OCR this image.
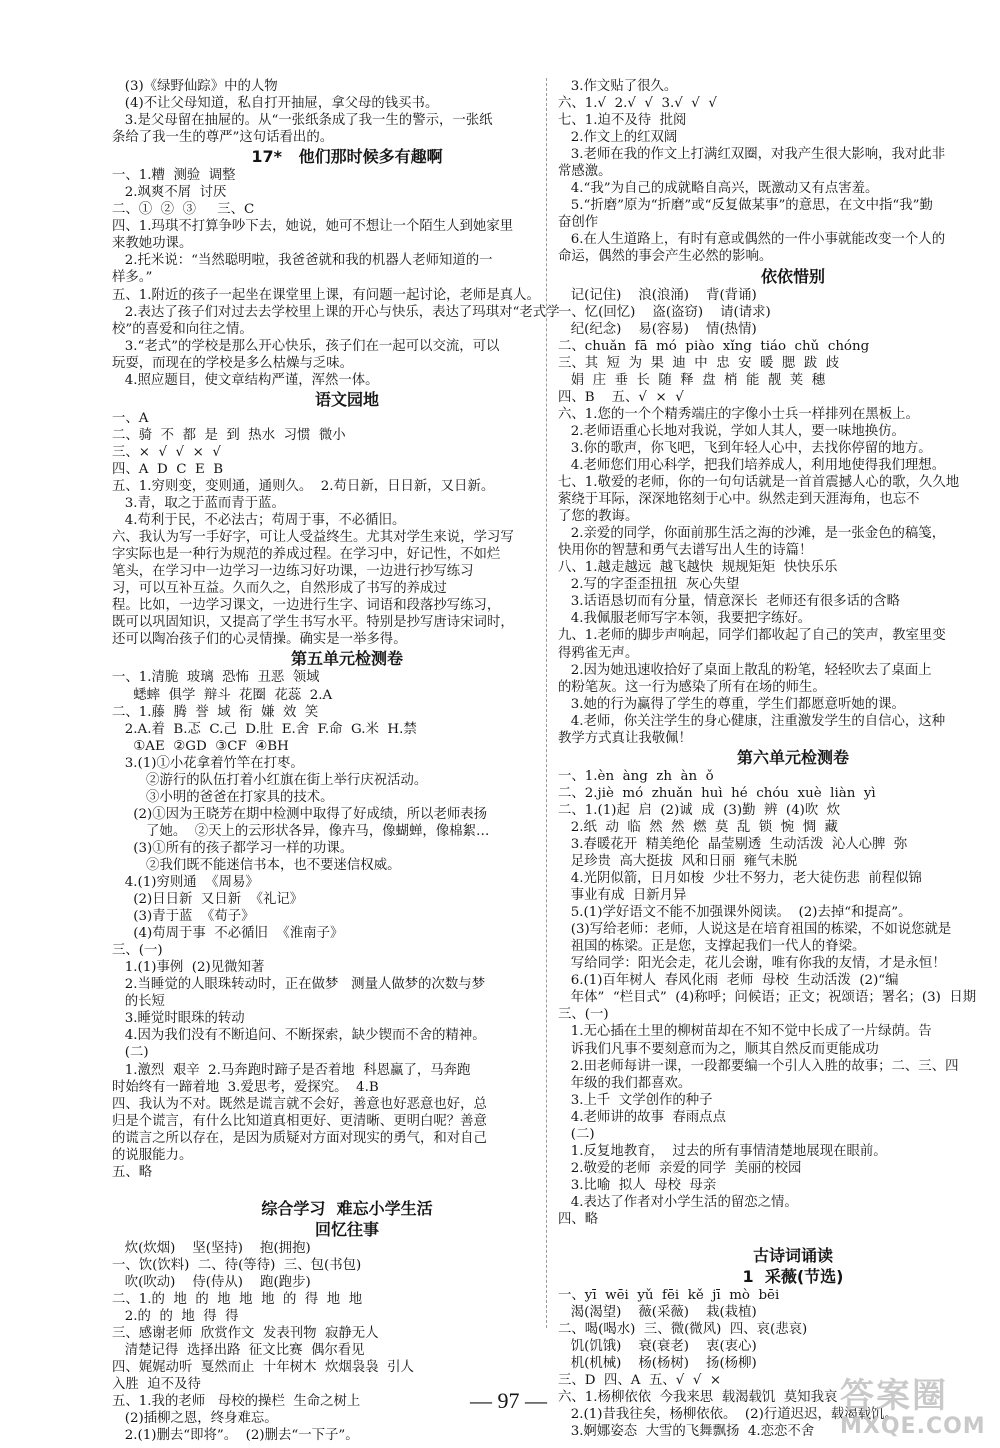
(3)《绿野仙踪》中的人物
(4)不让父母知道，私自打开抽屉，拿父母的钱买书。
3.是父母留在抽屉的。从“一张纸条成了我一生的警示，一张纸
条给了我一生的尊严”这句话看出的。
17*   他们那时候多有趣啊
一、1.糟  测验  调整
2.飒爽不屑  讨厌
二、①  ②  ③     三、C
四、1.玛琪不打算争吵下去，她说，她可不想让一个陌生人到她家里
来教她功课。
2.托米说：“当然聪明啦，我爸爸就和我的机器人老师知道的一
样多。”
五、1.附近的孩子一起坐在课堂里上课，有问题一起讨论，老师是真人。
2.表达了孩子们对过去去学校里上课的开心与快乐，表达了玛琪对“老式学
校”的喜爱和向往之情。
3.“老式”的学校是那么开心快乐，孩子们在一起可以交流，可以
玩耍，而现在的学校是多么枯燥与乏味。
4.照应题目，使文章结构严谨，浑然一体。
语文园地
一、A
二、骑  不  都  是  到  热水  习惯  微小
三、×  √  √  ×  √
四、A  D  C  E  B
五、1.穷则变，变则通，通则久。  2.苟日新，日日新，又日新。
3.青，取之于蓝而青于蓝。
4.苟利于民，不必法古；苟周于事，不必循旧。
六、我认为写一手好字，可让人受益终生。尤其对学生来说，学习写
字实际也是一种行为规范的养成过程。在学习中，好记性，不如烂
笔头，在学习中一边学习一边练习好功课，一边进行抄写练习
习，可以互补互益。久而久之，自然形成了书写的养成过
程。比如，一边学习课文，一边进行生字、词语和段落抄写练习，
既可以巩固知识，又提高了学生书写水平。特别是抄写唐诗宋词时，
还可以陶冶孩子们的心灵情操。确实是一举多得。
第五单元检测卷
一、1.清脆  玻璃  恐怖  丑恶  领域
蟋蟀  俱学  辩斗  花圈  花蕊  2.A
二、1.藤  腾  誉  域  衔  嫌  效  笑
2.A.着  B.忑  C.己  D.肚  E.舍  F.命  G.米  H.禁
①AE  ②GD  ③CF  ④BH
3.(1)①小花拿着竹竿在打枣。
②游行的队伍打着小红旗在街上举行庆祝活动。
③小明的爸爸在打家具的技术。
(2)①因为王晓芳在期中检测中取得了好成绩，所以老师表扬
了她。  ②天上的云形状各异，像卉马，像蝴蝉，像棉絮…
(3)①所有的孩子都学习一样的功课。
②我们既不能迷信书本，也不要迷信权威。
4.(1)穷则通  《周易》
(2)日日新  又日新  《礼记》
(3)青于蓝  《荀子》
(4)苟周于事  不必循旧  《淮南子》
三、(一)
1.(1)事例  (2)见微知著
2.当睡觉的人眼珠转动时，正在做梦   测量人做梦的次数与梦
的长短
3.睡觉时眼珠的转动
4.因为我们没有不断追问、不断探索，缺少锲而不舍的精神。
(二)
1.激烈  艰辛  2.马奔跑时蹄子是否着地  科恩赢了，马奔跑
时始终有一蹄着地  3.爱思考，爱探究。  4.B
四、我认为不对。既然是谎言就不会好，善意也好恶意也好，总
归是个谎言，有什么比知道真相更好、更清晰、更明白呢？善意
的谎言之所以存在，是因为质疑对方面对现实的勇气，和对自己
的说服能力。
五、略
综合学习  难忘小学生活
回忆往事
炊(炊烟)    坚(坚持)    抱(拥抱)
一、饮(饮料)  二、待(等待)  三、包(书包)
吹(吹动)    侍(侍从)    跑(跑步)
二、1.的  地  的  地  地  地  的  得  地  地
2.的  的  地  得  得
三、感谢老师  欣赏作文  发表刊物  寂静无人
清楚记得  选择出路  征文比赛  偶尔看见
四、娓娓动听  戛然而止  十年树木  炊烟袅袅  引人
入胜  迫不及待
五、1.我的老师   母校的操栏  生命之树上
(2)插柳之恩，终身难忘。
2.(1)删去“即将”。  (2)删去“一下子”。
3.作文贴了很久。
六、1.√  2.√  √  3.√  √  √
七、1.迫不及待  批阅
2.作文上的红双阔
3.老师在我的作文上打满红双圈，对我产生很大影响，我对此非
常感激。
4.“我”为自己的成就略自高兴，既激动又有点害羞。
5.“折磨”原为“折磨”或“反复做某事”的意思，在文中指“我”勤
奋创作
6.在人生道路上，有时有意或偶然的一件小事就能改变一个人的
命运，偶然的事会产生必然的影响。
依依惜别
记(记住)    浪(浪涌)    背(背诵)
一、忆(回忆)    盗(盗窃)    请(请求)
纪(纪念)    易(容易)    情(热情)
二、chuǎn  fā  mó  piào  xǐng  tiáo  chǔ  chóng
三、其  短  为  果  迪  中  忠  安  暖  腮  跋  歧
娟  庄  垂  长  随  释  盘  梢  能  靓  荚  穗
四、B    五、√  ×  √
六、1.您的一个个精秀端庄的字像小士兵一样排列在黑板上。
2.老师语重心长地对我说，学如人其人，要一味地换仿。
3.你的歌声，你飞吧，飞到年轻人心中，去找你停留的地方。
4.老师您们用心科学，把我们培养成人，利用地使得我们理想。
七、1.敬爱的老师，你的一句句话就是一首首震撼人心的歌，久久地
萦绕于耳际，深深地铭刻于心中。纵然走到天涯海角，也忘不
了您的教诲。
2.亲爱的同学，你面前那生活之海的沙滩，是一张金色的稿笺，
快用你的智慧和勇气去谱写出人生的诗篇！
八、1.越走越远  越飞越快  规规矩矩  快快乐乐
2.写的字歪歪扭扭  灰心失望
3.话语恳切而有分量，情意深长  老师还有很多话的含略
4.我佩服老师写字本领，我要把字练好。
九、1.老师的脚步声响起，同学们都收起了自己的笑声，教室里变
得鸦雀无声。
2.因为她迅速收拾好了桌面上散乱的粉笔，轻轻吹去了桌面上
的粉笔灰。这一行为感染了所有在场的师生。
3.她的行为赢得了学生的尊重，学生们都愿意听她的课。
4.老师，你关注学生的身心健康，注重激发学生的自信心，这种
教学方式真让我敬佩！
第六单元检测卷
一、1.èn  àng  zh  àn  ǒ
二、2.jiè  mó  zhuǎn  huì  hé  chóu  xuè  liàn  yì
二、1.(1)起  启  (2)诚  成  (3)勤  辨  (4)吹  炊
2.纸  动  临  然  然  燃  莫  乱  锁  惋  惆  藏
3.春暖花开  精美绝伦  晶莹剔透  生动活泼  沁人心脾  弥
足珍贵  高大挺拔  风和日丽  雍气未脱
4.光阴似箭，日月如梭  少壮不努力，老大徒伤悲  前程似锦
事业有成  日新月异
5.(1)学好语文不能不加强课外阅读。  (2)去掉“和提高”。
(3)写给老师：老师，人说这是在培育祖国的栋梁，不如说您就是
祖国的栋梁。正是您，支撑起我们一代人的脊梁。
写给同学：阳光会走，花儿会谢，唯有你我的友情，才是永恒！
6.(1)百年树人  春风化雨  老师  母校  生动活泼  (2)“编
年体”  “栏目式”  (4)称呼；问候语；正文；祝颂语；署名；(3)  日期
三、(一)
1.无心插在土里的柳树苗却在不知不觉中长成了一片绿荫。告
诉我们凡事不要刻意而为之，顺其自然反而更能成功
2.田老师每讲一课，一段都要编一个引人入胜的故事；二、三、四
年级的我们都喜欢。
3.上千  文学创作的种子
4.老师讲的故事  春雨点点
(二)
1.反复地教育，  过去的所有事情清楚地展现在眼前。
2.敬爱的老师  亲爱的同学  美丽的校园
3.比喻  拟人  母校  母亲
4.表达了作者对小学生活的留恋之情。
四、略
古诗词诵读
1  采薇(节选)
一、yī  wēi  yǔ  fēi  kě  jī  mò  bēi
渴(渴望)    薇(采薇)    栽(栽植)
二、喝(喝水)  三、微(微风)  四、哀(悲哀)
饥(饥饿)    衰(衰老)    衷(衷心)
机(机械)    杨(杨树)    扬(杨柳)
三、D  四、A  五、√  √  ×
六、1.杨柳依依  今我来思  载渴载饥  莫知我哀
2.(1)昔我往矣，杨柳依依。  (2)行道迟迟，载渴载饥。
3.婀娜姿态  大雪的飞舞飘扬  4.恋恋不舍
— 97 —	答案圈
MXQE.COM
